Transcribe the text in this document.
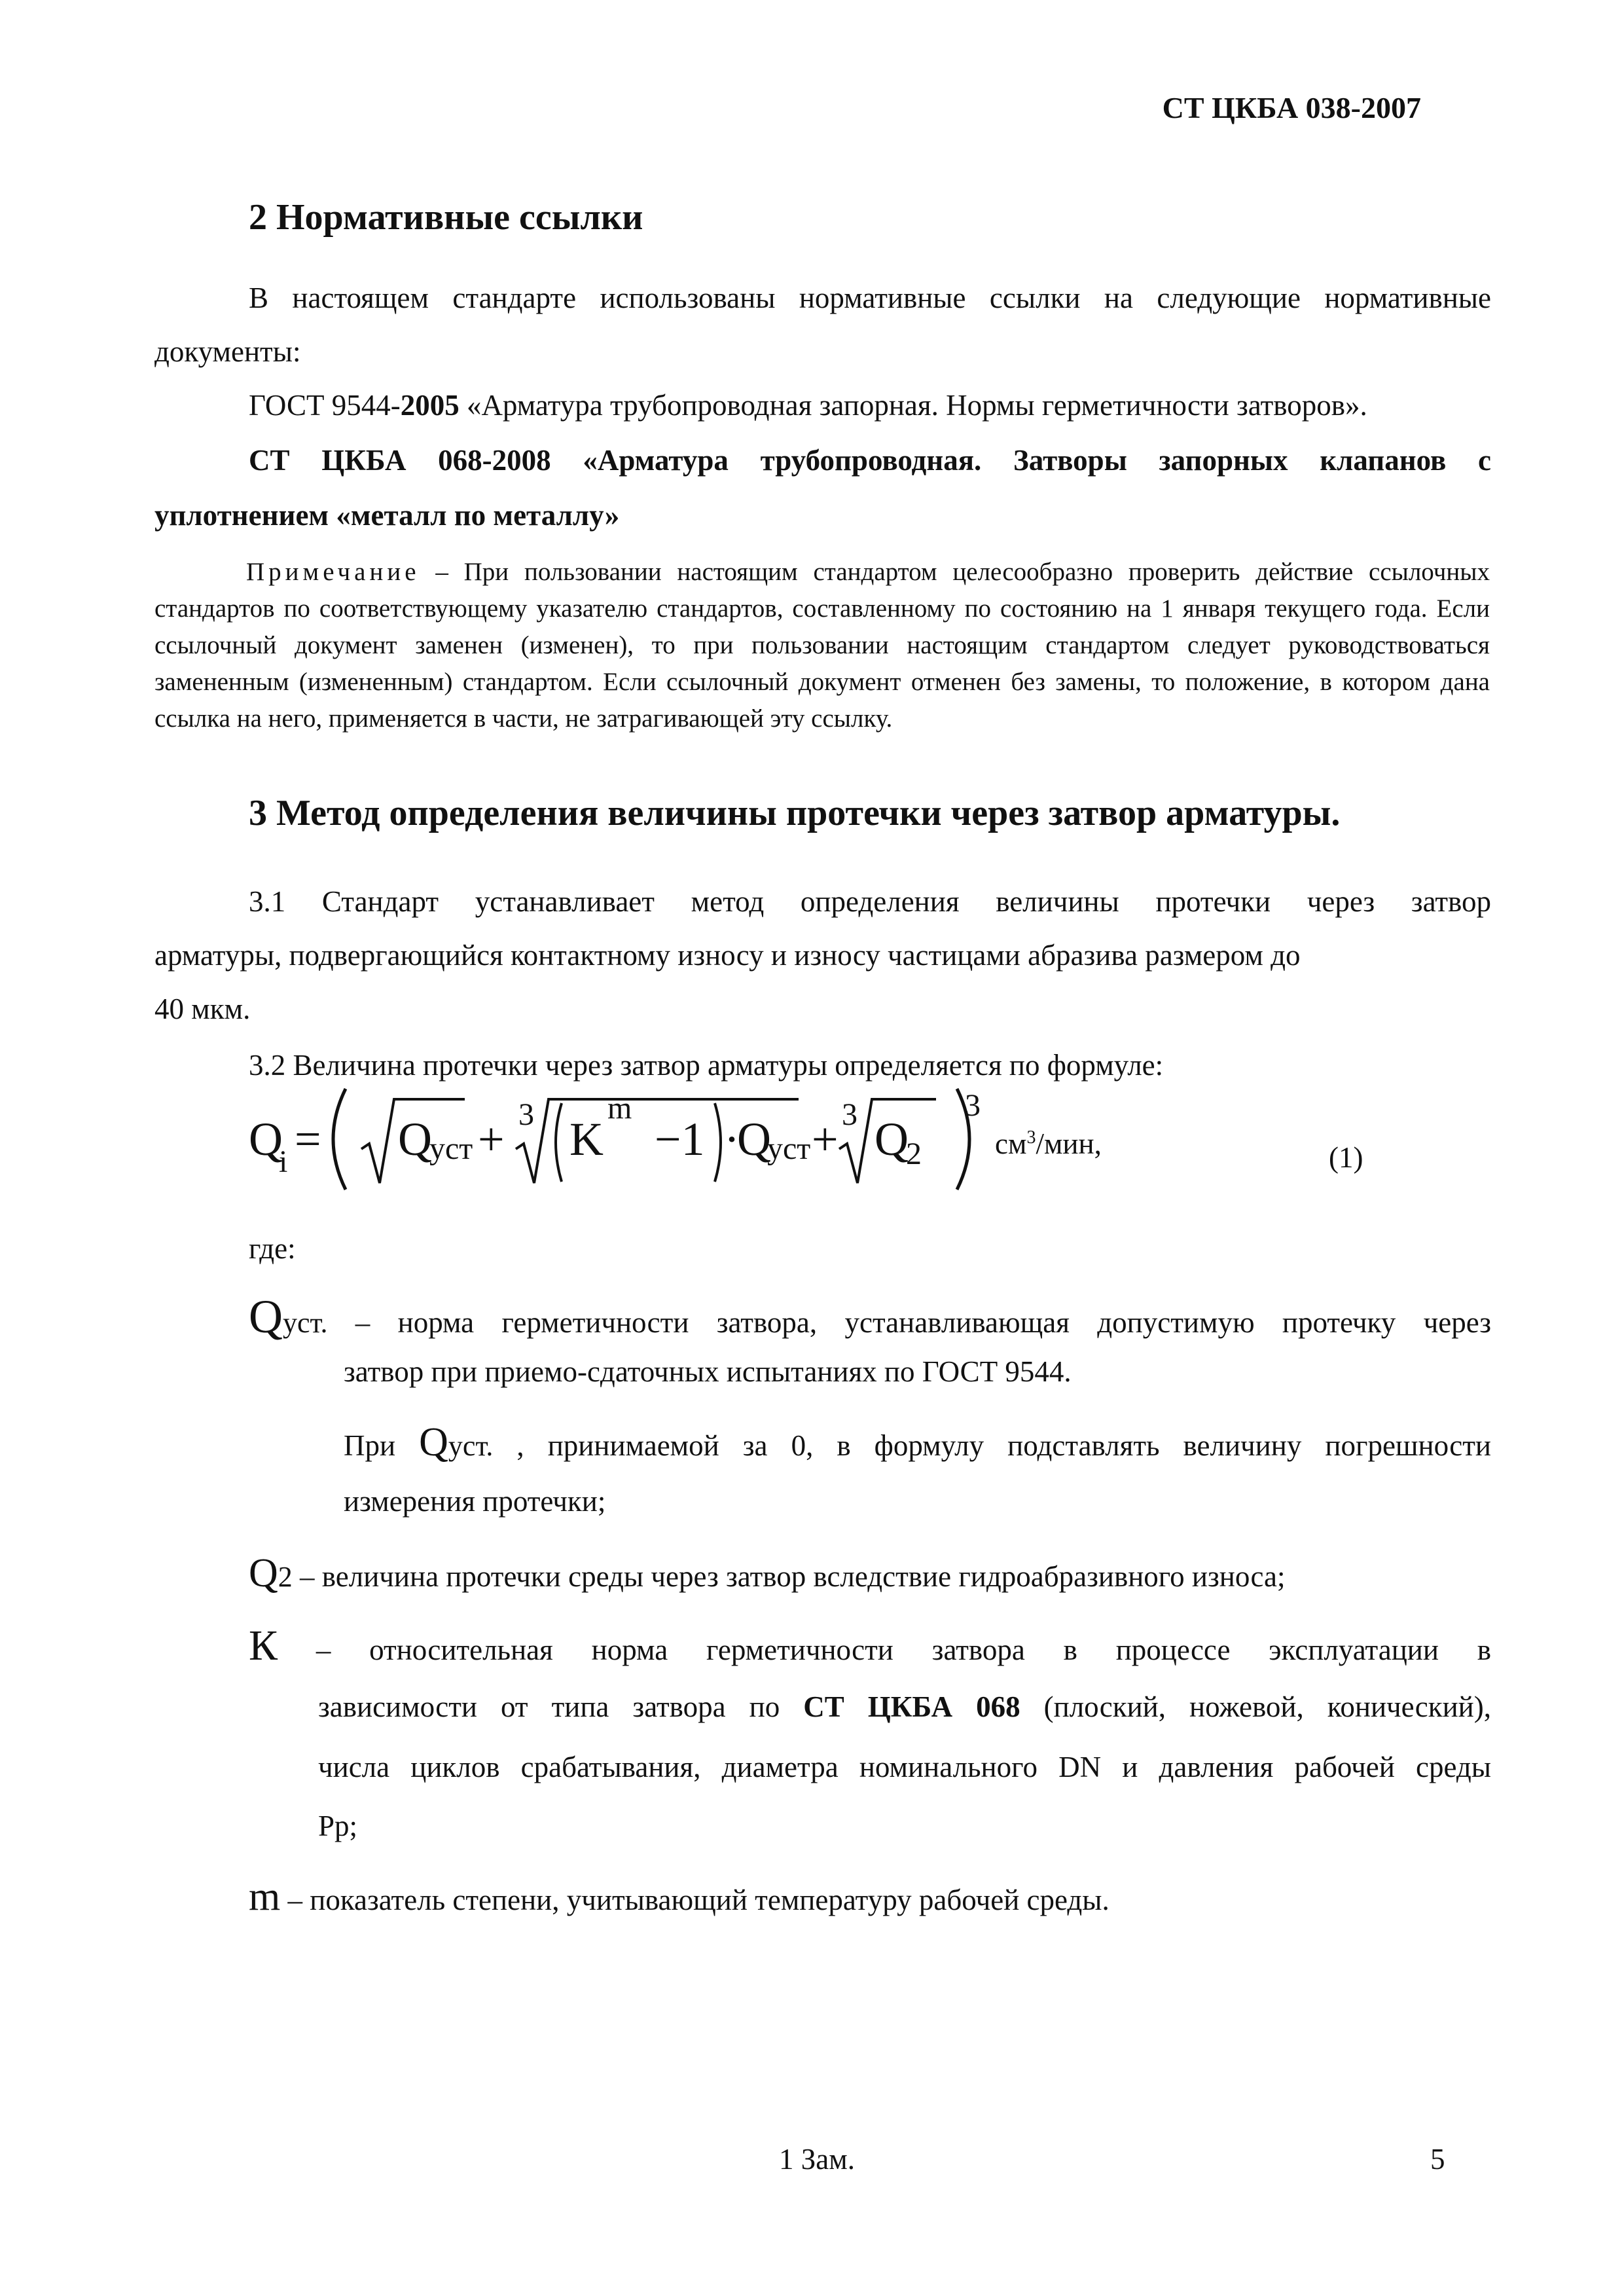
СТ ЦКБА 038-2007
2 Нормативные ссылки
В настоящем стандарте использованы нормативные ссылки на следующие нормативные
документы:
ГОСТ 9544-2005 «Арматура трубопроводная запорная. Нормы герметичности затворов».
СТ ЦКБА 068-2008 «Арматура трубопроводная. Затворы запорных клапанов с
уплотнением «металл по металлу»
Примечание – При пользовании настоящим стандартом целесообразно проверить действие ссылочных стандартов по соответствующему указателю стандартов, составленному по состоянию на 1 января текущего года. Если ссылочный документ заменен (изменен), то при пользовании настоящим стандартом следует руководствоваться замененным (измененным) стандартом. Если ссылочный документ отменен без замены, то положение, в котором дана ссылка на него, применяется в части, не затрагивающей эту ссылку.
3 Метод определения величины протечки через затвор арматуры.
3.1 Стандарт устанавливает метод определения величины протечки через затвор
арматуры, подвергающийся контактному износу и износу частицами абразива размером до
40 мкм.
3.2 Величина протечки через затвор арматуры определяется по формуле:
Q
i = Q
уст + 3 K
m
−1 ·
Q
уст + 3 Q
2
3
$см^3$/мин,	(1)
где:
Qуст. – норма герметичности затвора, устанавливающая допустимую протечку через
затвор при приемо-сдаточных испытаниях по ГОСТ 9544.
При Qуст. , принимаемой за 0, в формулу подставлять величину погрешности
измерения протечки;
Q2 – величина протечки среды через затвор вследствие гидроабразивного износа;
К – относительная норма герметичности затвора в процессе эксплуатации в
зависимости от типа затвора по СТ ЦКБА 068 (плоский, ножевой, конический),
числа циклов срабатывания, диаметра номинального DN и давления рабочей среды
Рр;
m – показатель степени, учитывающий температуру рабочей среды.
1 Зам.	5
